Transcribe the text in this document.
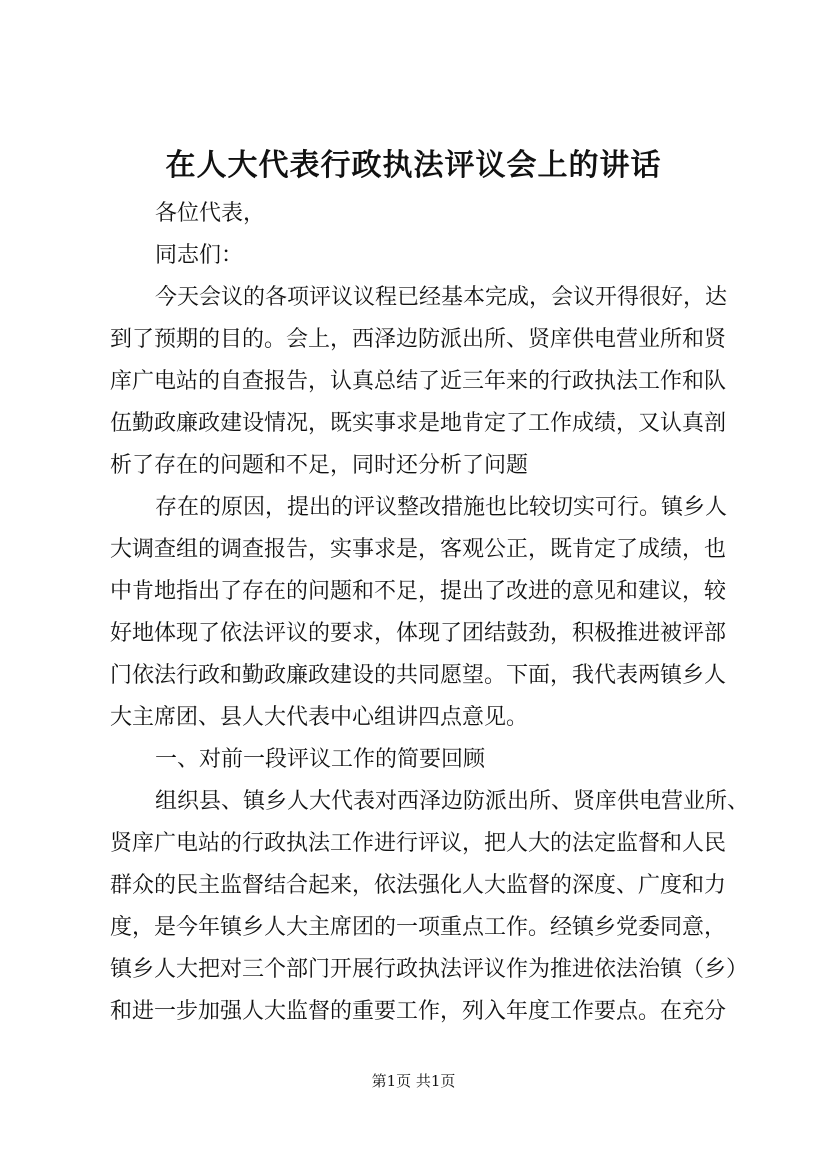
在人大代表行政执法评议会上的讲话
各位代表，
同志们：
今天会议的各项评议议程已经基本完成，会议开得很好，达
到了预期的目的。会上，西泽边防派出所、贤庠供电营业所和贤
庠广电站的自查报告，认真总结了近三年来的行政执法工作和队
伍勤政廉政建设情况，既实事求是地肯定了工作成绩，又认真剖
析了存在的问题和不足，同时还分析了问题
存在的原因，提出的评议整改措施也比较切实可行。镇乡人
大调查组的调查报告，实事求是，客观公正，既肯定了成绩，也
中肯地指出了存在的问题和不足，提出了改进的意见和建议，较
好地体现了依法评议的要求，体现了团结鼓劲，积极推进被评部
门依法行政和勤政廉政建设的共同愿望。下面，我代表两镇乡人
大主席团、县人大代表中心组讲四点意见。
一、对前一段评议工作的简要回顾
组织县、镇乡人大代表对西泽边防派出所、贤庠供电营业所、
贤庠广电站的行政执法工作进行评议，把人大的法定监督和人民
群众的民主监督结合起来，依法强化人大监督的深度、广度和力
度，是今年镇乡人大主席团的一项重点工作。经镇乡党委同意，
镇乡人大把对三个部门开展行政执法评议作为推进依法治镇（乡）
和进一步加强人大监督的重要工作，列入年度工作要点。在充分
第1页 共1页
